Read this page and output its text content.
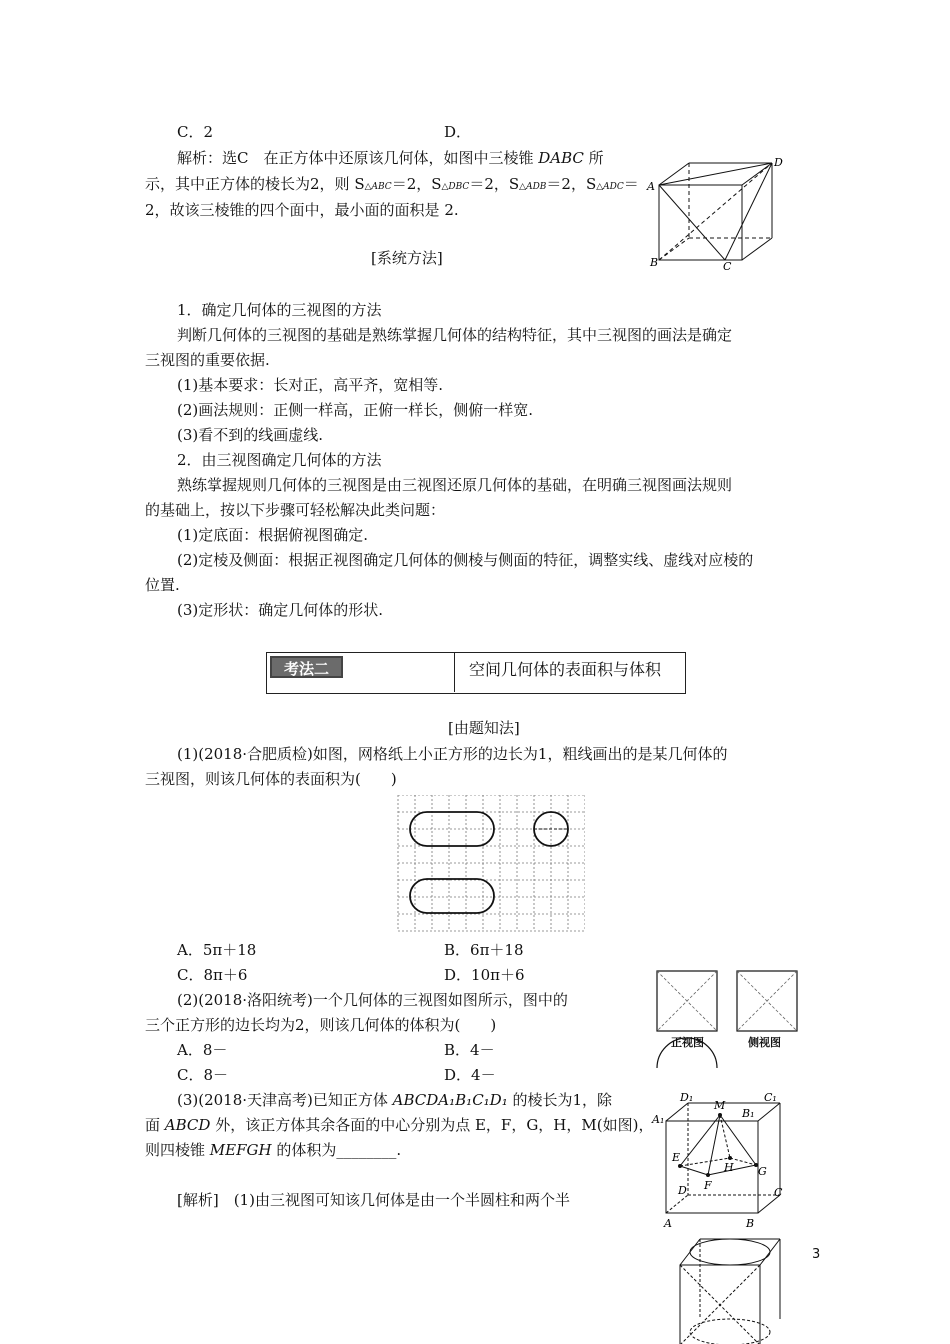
C．2	D．
解析：选C　在正方体中还原该几何体，如图中三棱锥 DABC 所
示，其中正方体的棱长为2，则 S△ABC＝2，S△DBC＝2，S△ADB＝2，S△ADC＝
2，故该三棱锥的四个面中，最小面的面积是 2.
A
D
B	C
[系统方法]
1．确定几何体的三视图的方法
判断几何体的三视图的基础是熟练掌握几何体的结构特征，其中三视图的画法是确定
三视图的重要依据.
(1)基本要求：长对正，高平齐，宽相等.
(2)画法规则：正侧一样高，正俯一样长，侧俯一样宽.
(3)看不到的线画虚线.
2．由三视图确定几何体的方法
熟练掌握规则几何体的三视图是由三视图还原几何体的基础，在明确三视图画法规则
的基础上，按以下步骤可轻松解决此类问题：
(1)定底面：根据俯视图确定.
(2)定棱及侧面：根据正视图确定几何体的侧棱与侧面的特征，调整实线、虚线对应棱的
位置.
(3)定形状：确定几何体的形状.
考法二	空间几何体的表面积与体积
[由题知法]
(1)(2018·合肥质检)如图，网格纸上小正方形的边长为1，粗线画出的是某几何体的
三视图，则该几何体的表面积为(　　)
A．5π＋18	B．6π＋18
C．8π＋6	D．10π＋6
(2)(2018·洛阳统考)一个几何体的三视图如图所示，图中的
三个正方形的边长均为2，则该几何体的体积为(　　)
A．8－	B．4－
C．8－	D．4－
正视图	侧视图
(3)(2018·天津高考)已知正方体 ABCDA₁B₁C₁D₁ 的棱长为1，除
面 ABCD 外，该正方体其余各面的中心分别为点 E，F，G，H，M(如图)，
则四棱锥 MEFGH 的体积为________.
[解析]　(1)由三视图可知该几何体是由一个半圆柱和两个半
D₁	C₁
A₁	B₁
M
E
H G
F
D	C
A	B
3
